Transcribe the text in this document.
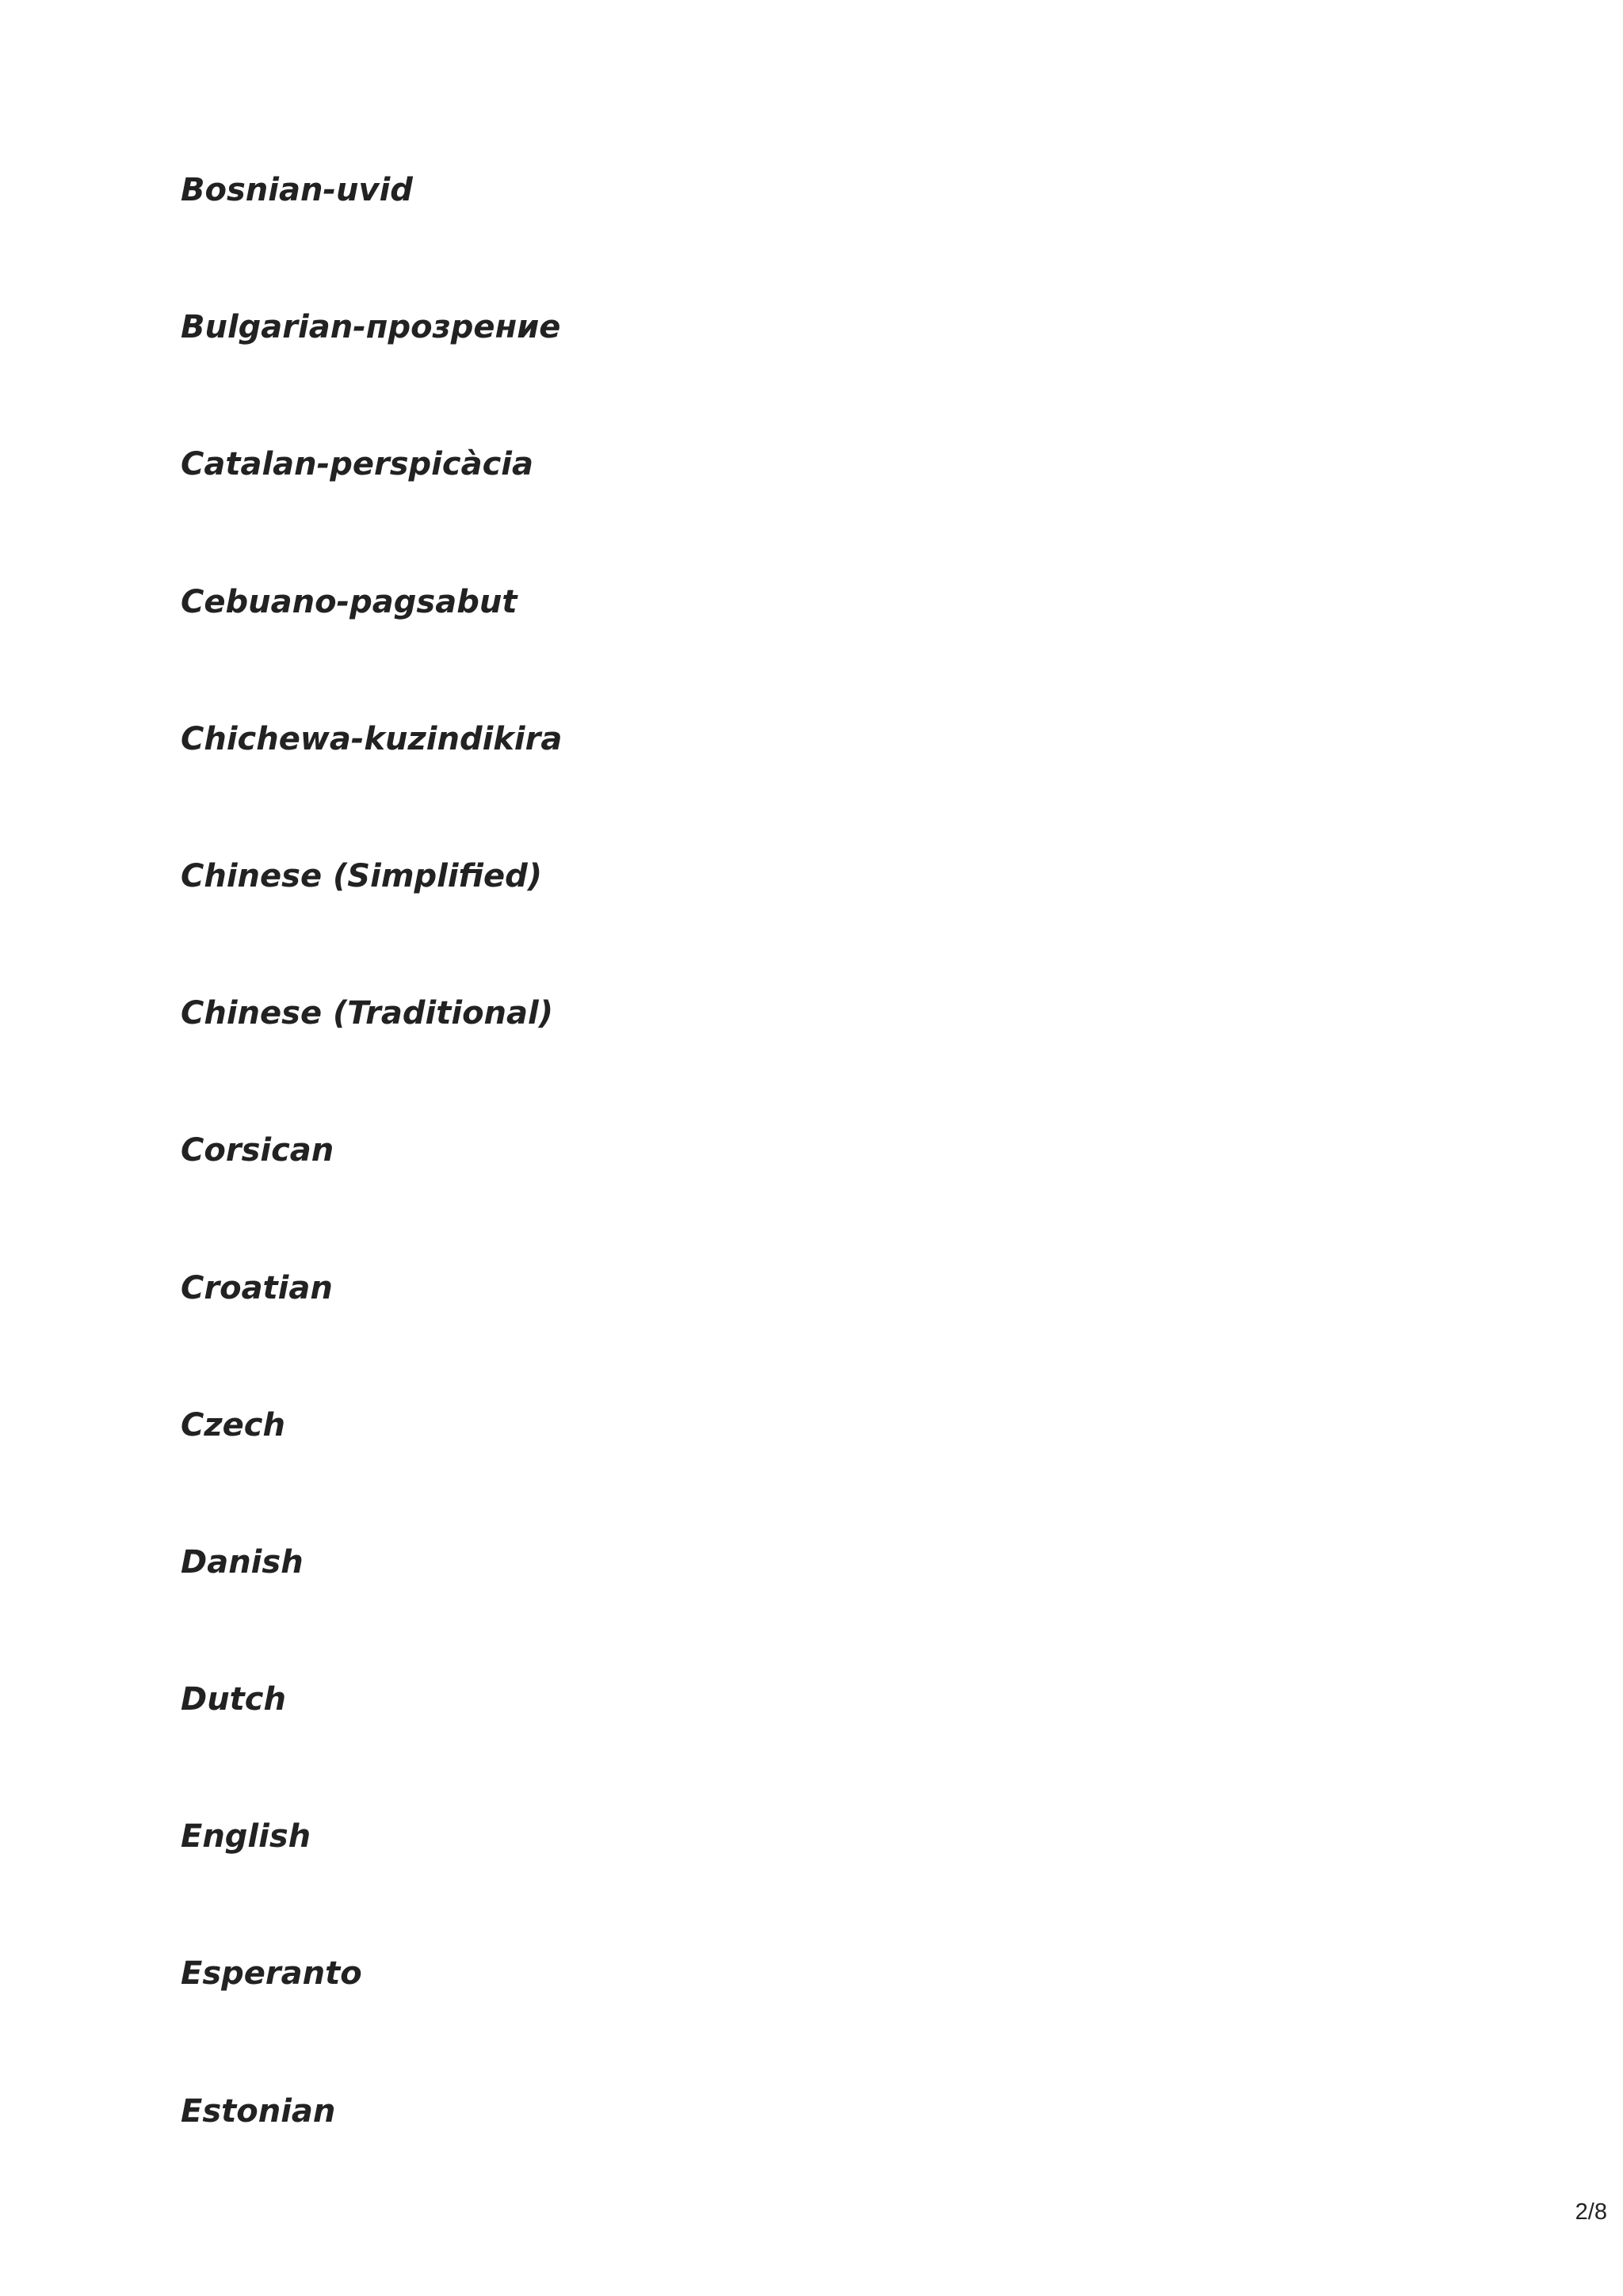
Bosnian-uvid
Bulgarian-прозрение
Catalan-perspicàcia
Cebuano-pagsabut
Chichewa-kuzindikira
Chinese (Simplified)
Chinese (Traditional)
Corsican
Croatian
Czech
Danish
Dutch
English
Esperanto
Estonian
2/8
